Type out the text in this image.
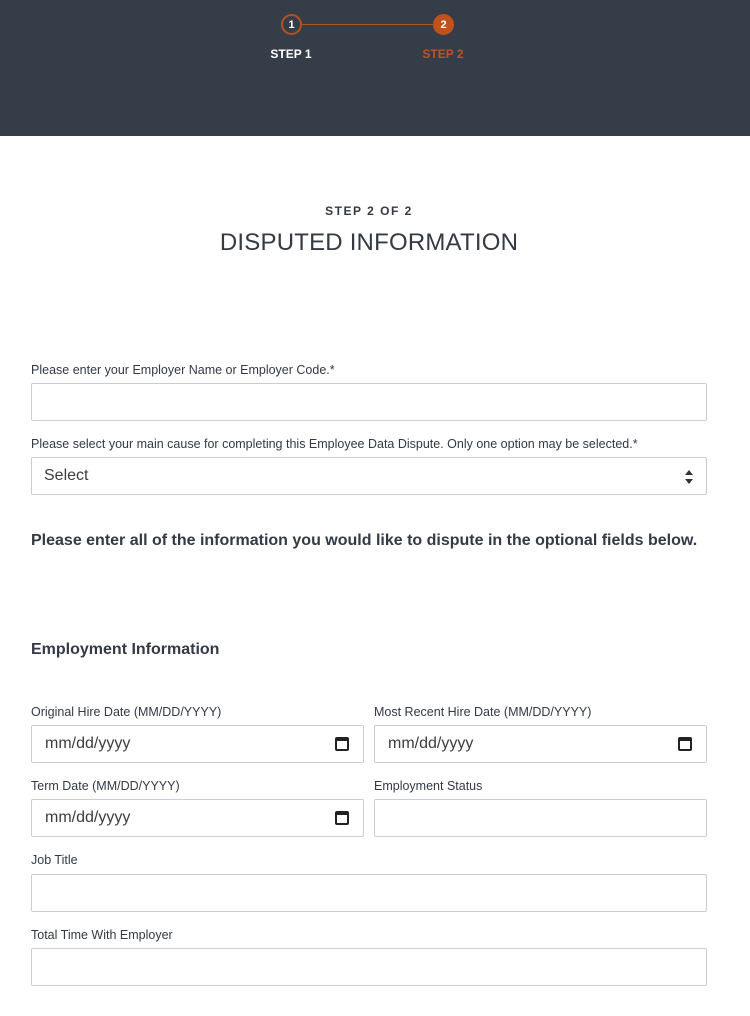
1	2
STEP 1	STEP 2
STEP 2 OF 2
DISPUTED INFORMATION
Please enter your Employer Name or Employer Code.*
Please select your main cause for completing this Employee Data Dispute. Only one option may be selected.*
Select
Please enter all of the information you would like to dispute in the optional fields below.
Employment Information
Original Hire Date (MM/DD/YYYY)
mm/dd/yyyy
Most Recent Hire Date (MM/DD/YYYY)
mm/dd/yyyy
Term Date (MM/DD/YYYY)
mm/dd/yyyy
Employment Status
Job Title
Total Time With Employer
